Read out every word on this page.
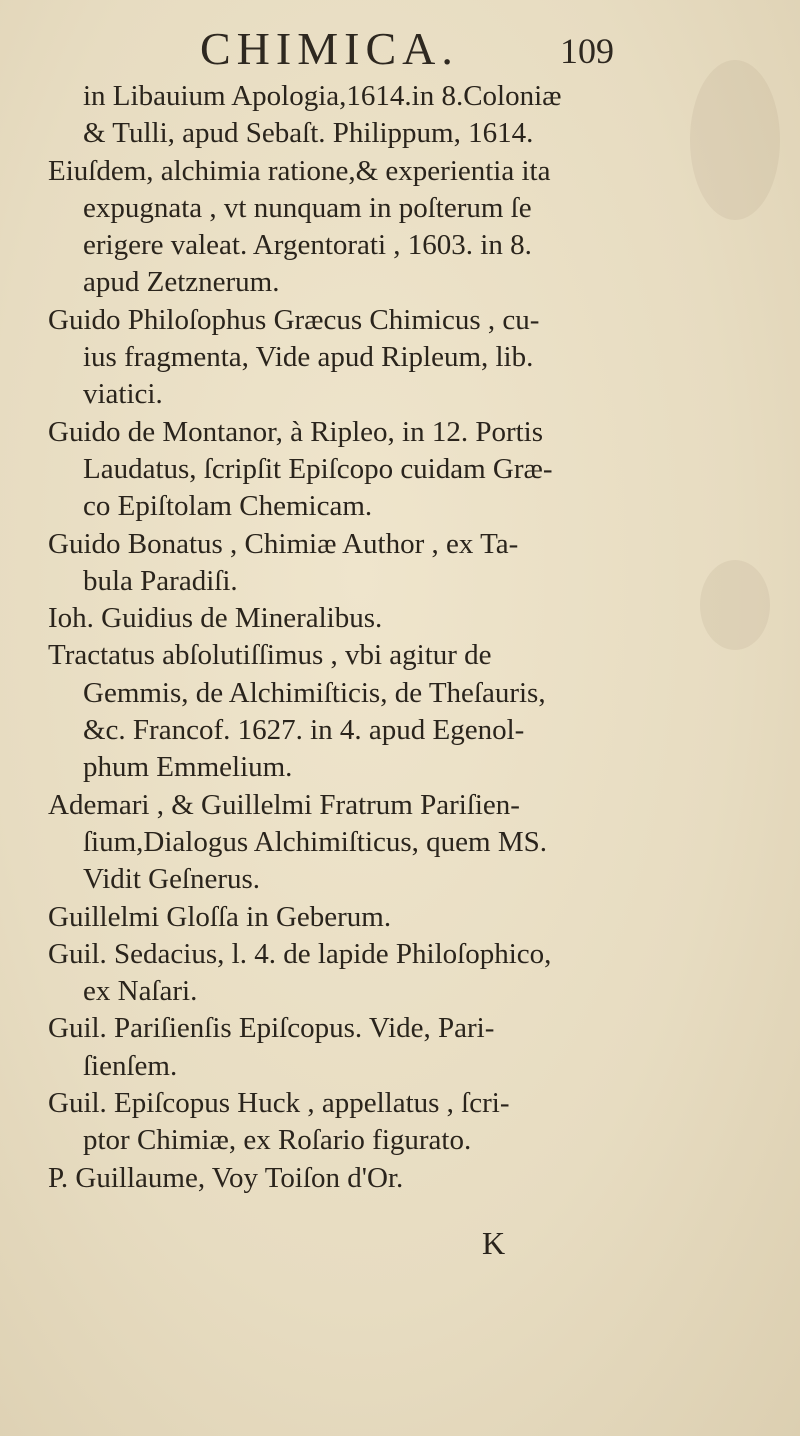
CHIMICA.	109

in Libauium Apologia,1614.in 8.Coloniæ
& Tulli, apud Sebaſt. Philippum, 1614.

Eiuſdem, alchimia ratione,& experientia ita
expugnata , vt nunquam in poſterum ſe
erigere valeat. Argentorati , 1603. in 8.
apud Zetznerum.

Guido Philoſophus Græcus Chimicus , cu-
ius fragmenta, Vide apud Ripleum, lib.
viatici.

Guido de Montanor, à Ripleo, in 12. Portis
Laudatus, ſcripſit Epiſcopo cuidam Græ-
co Epiſtolam Chemicam.

Guido Bonatus , Chimiæ Author , ex Ta-
bula Paradiſi.

Ioh. Guidius de Mineralibus.

Tractatus abſolutiſſimus , vbi agitur de
Gemmis, de Alchimiſticis, de Theſauris,
&c. Francof. 1627. in 4. apud Egenol-
phum Emmelium.

Ademari , & Guillelmi Fratrum Pariſien-
ſium,Dialogus Alchimiſticus, quem MS.
Vidit Geſnerus.

Guillelmi Gloſſa in Geberum.

Guil. Sedacius, l. 4. de lapide Philoſophico,
ex Naſari.

Guil. Pariſienſis Epiſcopus. Vide, Pari-
ſienſem.

Guil. Epiſcopus Huck , appellatus , ſcri-
ptor Chimiæ, ex Roſario figurato.

P. Guillaume, Voy Toiſon d'Or.

K
